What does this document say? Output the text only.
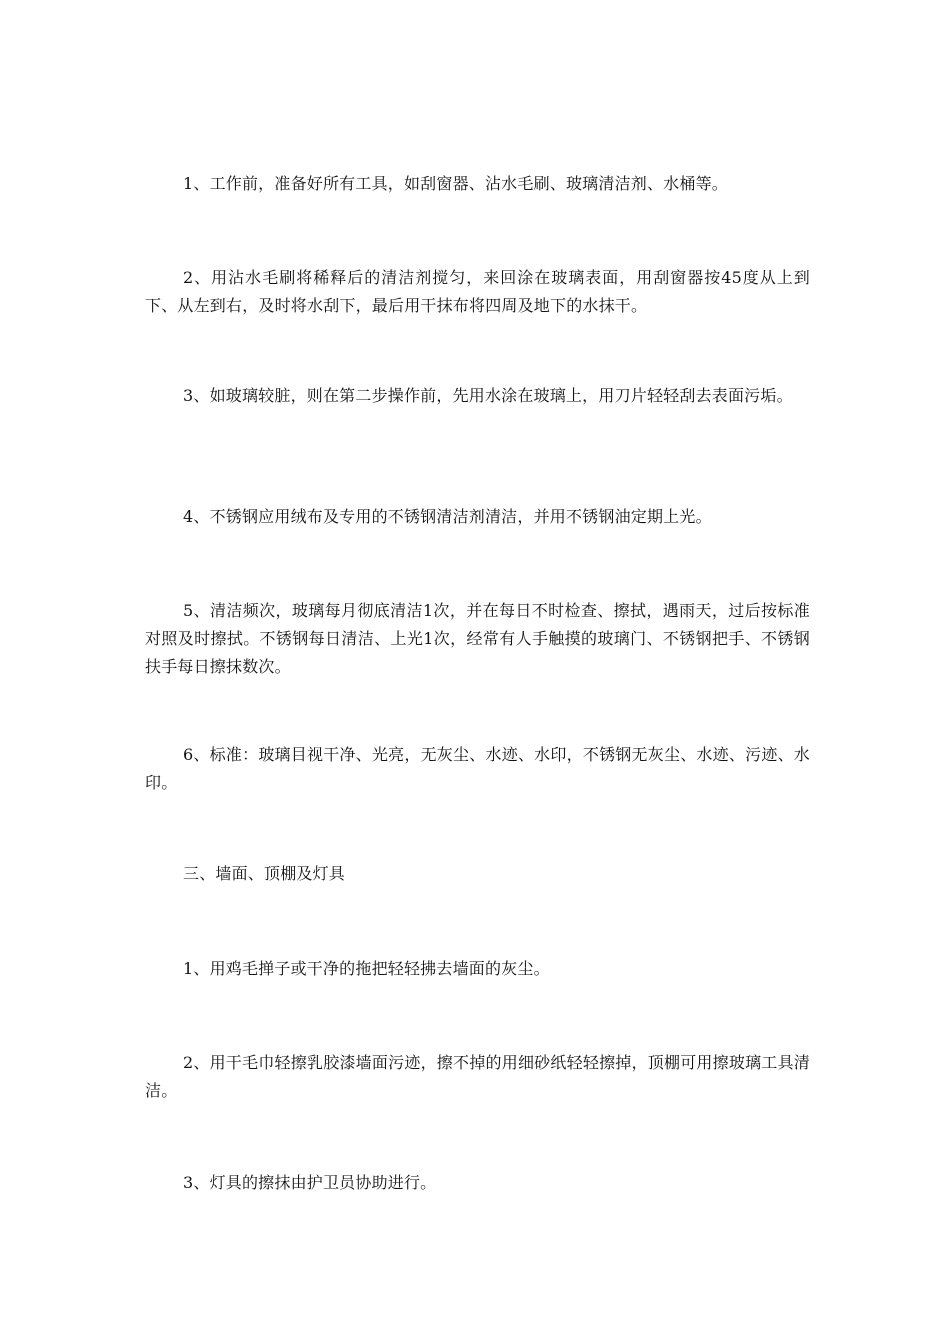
1、工作前，准备好所有工具，如刮窗器、沾水毛刷、玻璃清洁剂、水桶等。

2、用沾水毛刷将稀释后的清洁剂搅匀，来回涂在玻璃表面，用刮窗器按45度从上到下、从左到右，及时将水刮下，最后用干抹布将四周及地下的水抹干。

3、如玻璃较脏，则在第二步操作前，先用水涂在玻璃上，用刀片轻轻刮去表面污垢。

4、不锈钢应用绒布及专用的不锈钢清洁剂清洁，并用不锈钢油定期上光。

5、清洁频次，玻璃每月彻底清洁1次，并在每日不时检查、擦拭，遇雨天，过后按标准对照及时擦拭。不锈钢每日清洁、上光1次，经常有人手触摸的玻璃门、不锈钢把手、不锈钢扶手每日擦抹数次。

6、标准：玻璃目视干净、光亮，无灰尘、水迹、水印，不锈钢无灰尘、水迹、污迹、水印。

三、墙面、顶棚及灯具

1、用鸡毛掸子或干净的拖把轻轻拂去墙面的灰尘。

2、用干毛巾轻擦乳胶漆墙面污迹，擦不掉的用细砂纸轻轻擦掉，顶棚可用擦玻璃工具清洁。

3、灯具的擦抹由护卫员协助进行。
